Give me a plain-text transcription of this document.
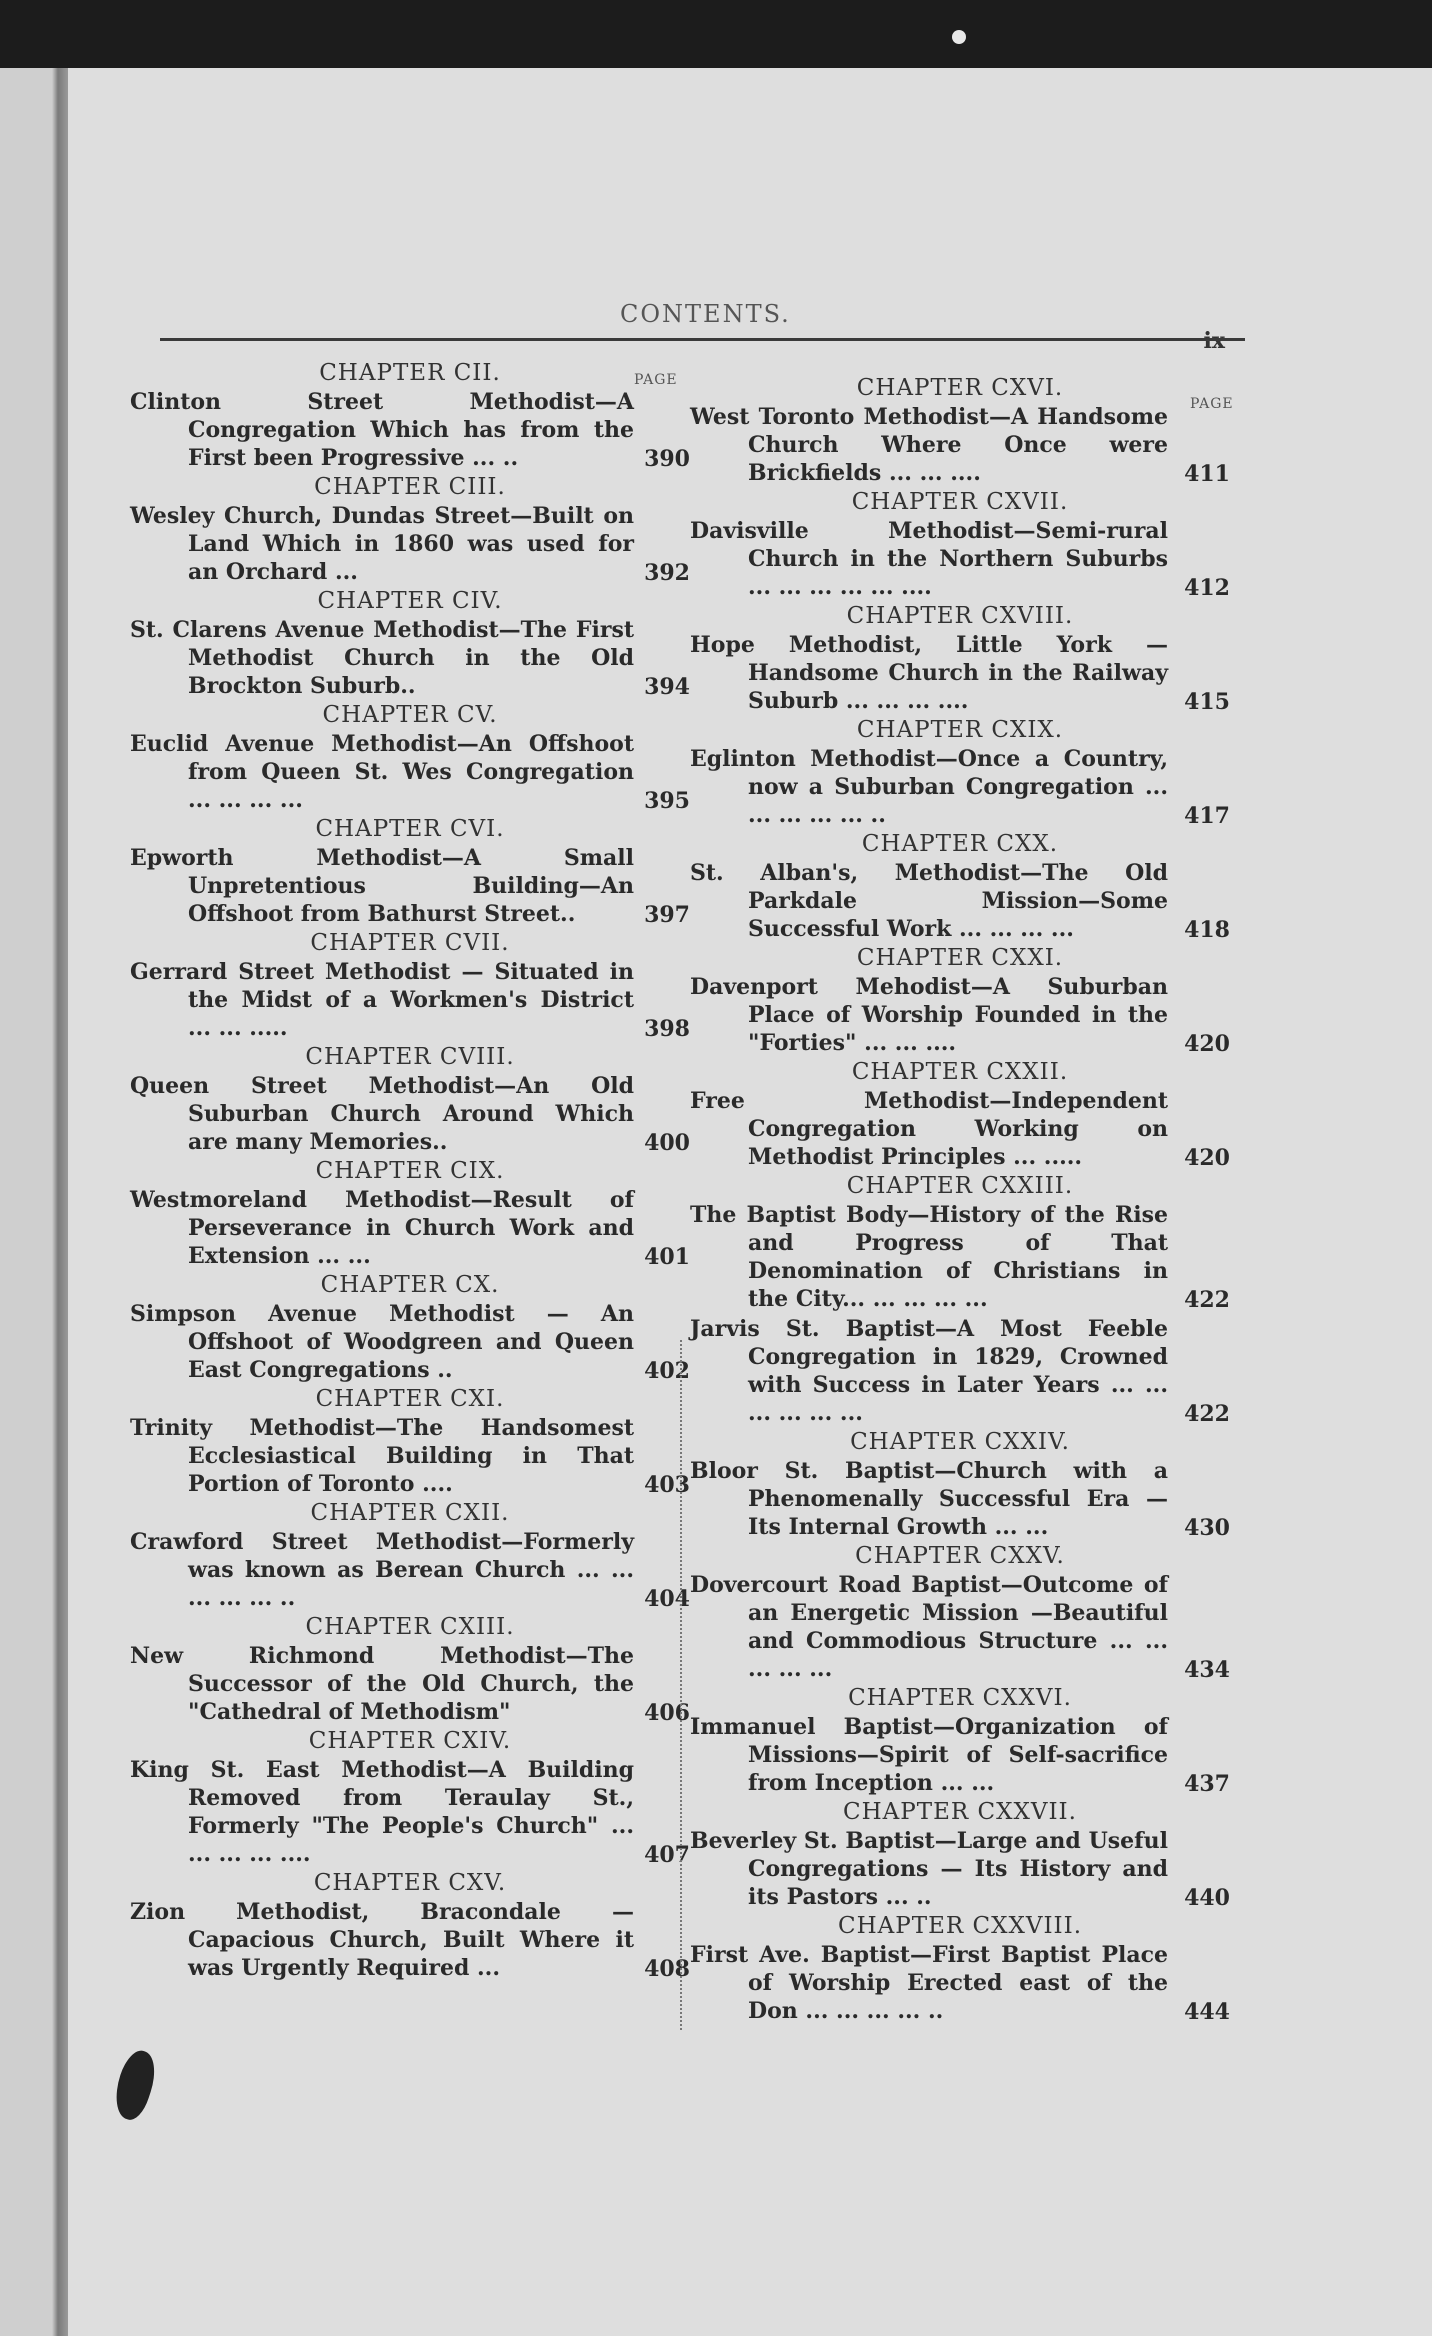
CONTENTS.
ix
PAGE
PAGE
CHAPTER CII.
Clinton Street Methodist—A Congregation Which has from the First been Progressive ... ..	390
CHAPTER CIII.
Wesley Church, Dundas Street—Built on Land Which in 1860 was used for an Orchard ...	392
CHAPTER CIV.
St. Clarens Avenue Methodist—The First Methodist Church in the Old Brockton Suburb..	394
CHAPTER CV.
Euclid Avenue Methodist—An Offshoot from Queen St. Wes Congregation ... ... ... ...	395
CHAPTER CVI.
Epworth Methodist—A Small Unpretentious Building—An Offshoot from Bathurst Street..	397
CHAPTER CVII.
Gerrard Street Methodist — Situated in the Midst of a Workmen's District ... ... .....	398
CHAPTER CVIII.
Queen Street Methodist—An Old Suburban Church Around Which are many Memories..	400
CHAPTER CIX.
Westmoreland Methodist—Result of Perseverance in Church Work and Extension ... ...	401
CHAPTER CX.
Simpson Avenue Methodist — An Offshoot of Woodgreen and Queen East Congregations ..	402
CHAPTER CXI.
Trinity Methodist—The Handsomest Ecclesiastical Building in That Portion of Toronto ....	403
CHAPTER CXII.
Crawford Street Methodist—Formerly was known as Berean Church ... ... ... ... ... ..	404
CHAPTER CXIII.
New Richmond Methodist—The Successor of the Old Church, the "Cathedral of Methodism"	406
CHAPTER CXIV.
King St. East Methodist—A Building Removed from Teraulay St., Formerly "The People's Church" ... ... ... ... ....	407
CHAPTER CXV.
Zion Methodist, Bracondale — Capacious Church, Built Where it was Urgently Required ...	408
CHAPTER CXVI.
West Toronto Methodist—A Handsome Church Where Once were Brickfields ... ... ....	411
CHAPTER CXVII.
Davisville Methodist—Semi-rural Church in the Northern Suburbs ... ... ... ... ... ....	412
CHAPTER CXVIII.
Hope Methodist, Little York — Handsome Church in the Railway Suburb ... ... ... ....	415
CHAPTER CXIX.
Eglinton Methodist—Once a Country, now a Suburban Congregation ... ... ... ... ... ..	417
CHAPTER CXX.
St. Alban's, Methodist—The Old Parkdale Mission—Some Successful Work ... ... ... ...	418
CHAPTER CXXI.
Davenport Mehodist—A Suburban Place of Worship Founded in the "Forties" ... ... ....	420
CHAPTER CXXII.
Free Methodist—Independent Congregation Working on Methodist Principles ... .....	420
CHAPTER CXXIII.
The Baptist Body—History of the Rise and Progress of That Denomination of Christians in the City... ... ... ... ...	422
Jarvis St. Baptist—A Most Feeble Congregation in 1829, Crowned with Success in Later Years ... ... ... ... ... ...	422
CHAPTER CXXIV.
Bloor St. Baptist—Church with a Phenomenally Successful Era —Its Internal Growth ... ...	430
CHAPTER CXXV.
Dovercourt Road Baptist—Outcome of an Energetic Mission —Beautiful and Commodious Structure ... ... ... ... ...	434
CHAPTER CXXVI.
Immanuel Baptist—Organization of Missions—Spirit of Self-sacrifice from Inception ... ...	437
CHAPTER CXXVII.
Beverley St. Baptist—Large and Useful Congregations — Its History and its Pastors ... ..	440
CHAPTER CXXVIII.
First Ave. Baptist—First Baptist Place of Worship Erected east of the Don ... ... ... ... ..	444
